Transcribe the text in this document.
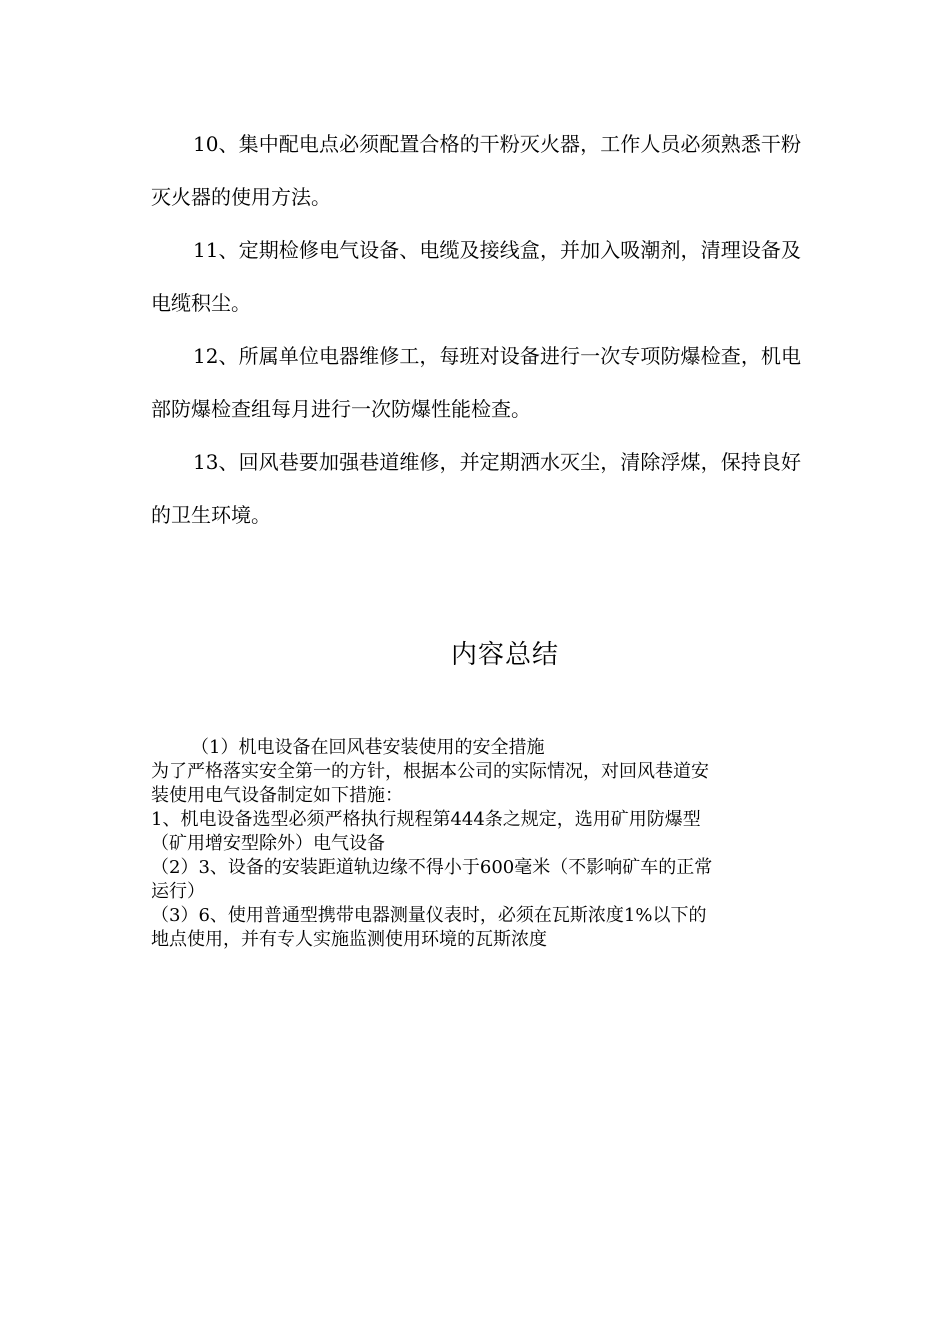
10、集中配电点必须配置合格的干粉灭火器，工作人员必须熟悉干粉灭火器的使用方法。

11、定期检修电气设备、电缆及接线盒，并加入吸潮剂，清理设备及电缆积尘。

12、所属单位电器维修工，每班对设备进行一次专项防爆检查，机电部防爆检查组每月进行一次防爆性能检查。

13、回风巷要加强巷道维修，并定期洒水灭尘，清除浮煤，保持良好的卫生环境。

内容总结
（1）机电设备在回风巷安装使用的安全措施
为了严格落实安全第一的方针，根据本公司的实际情况，对回风巷道安
装使用电气设备制定如下措施：
1、机电设备选型必须严格执行规程第444条之规定，选用矿用防爆型
（矿用增安型除外）电气设备
（2）3、设备的安装距道轨边缘不得小于600毫米（不影响矿车的正常
运行）
（3）6、使用普通型携带电器测量仪表时，必须在瓦斯浓度1%以下的
地点使用，并有专人实施监测使用环境的瓦斯浓度
